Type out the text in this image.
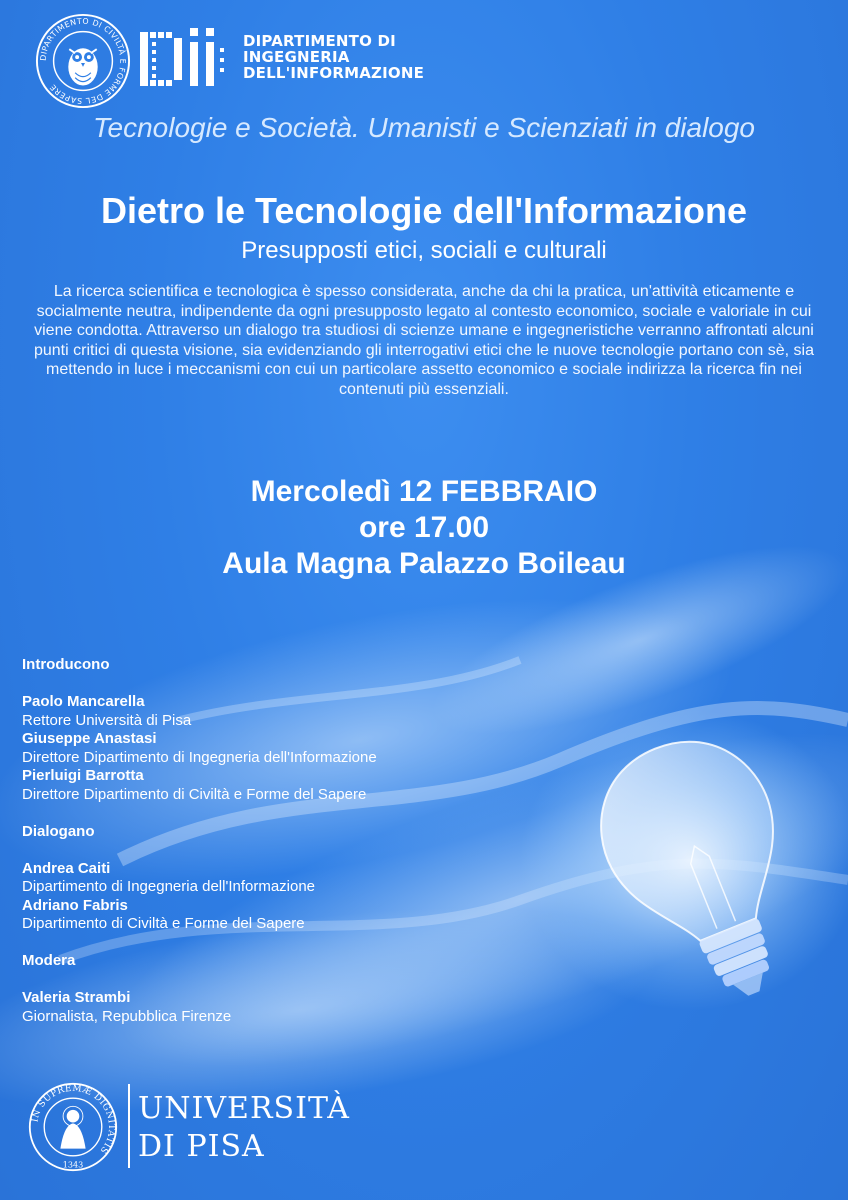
DIPARTIMENTO DI CIVILTÀ E FORME DEL SAPERE
DIPARTIMENTO DI
INGEGNERIA
DELL'INFORMAZIONE
Tecnologie e Società. Umanisti e Scienziati in dialogo
Dietro le Tecnologie dell'Informazione
Presupposti etici, sociali e culturali
La ricerca scientifica e tecnologica è spesso considerata, anche da chi la pratica, un'attività eticamente e socialmente neutra, indipendente da ogni presupposto legato al contesto economico, sociale e valoriale in cui viene condotta. Attraverso un dialogo tra studiosi di scienze umane e ingegneristiche verranno affrontati alcuni punti critici di questa visione, sia evidenziando gli interrogativi etici che le nuove tecnologie portano con sè, sia mettendo in luce i meccanismi con cui un particolare assetto economico e sociale indirizza la ricerca fin nei contenuti più essenziali.
Mercoledì 12 FEBBRAIO
ore 17.00
Aula Magna Palazzo Boileau
Introducono
Paolo Mancarella
Rettore Università di Pisa
Giuseppe Anastasi
Direttore Dipartimento di Ingegneria dell'Informazione
Pierluigi Barrotta
Direttore Dipartimento di Civiltà e Forme del Sapere
Dialogano
Andrea Caiti
Dipartimento di Ingegneria dell'Informazione
Adriano Fabris
Dipartimento di Civiltà e Forme del Sapere
Modera
Valeria Strambi
Giornalista, Repubblica Firenze
IN SUPREMÆ DIGNITATIS
1343
UNIVERSITÀ
DI PISA
